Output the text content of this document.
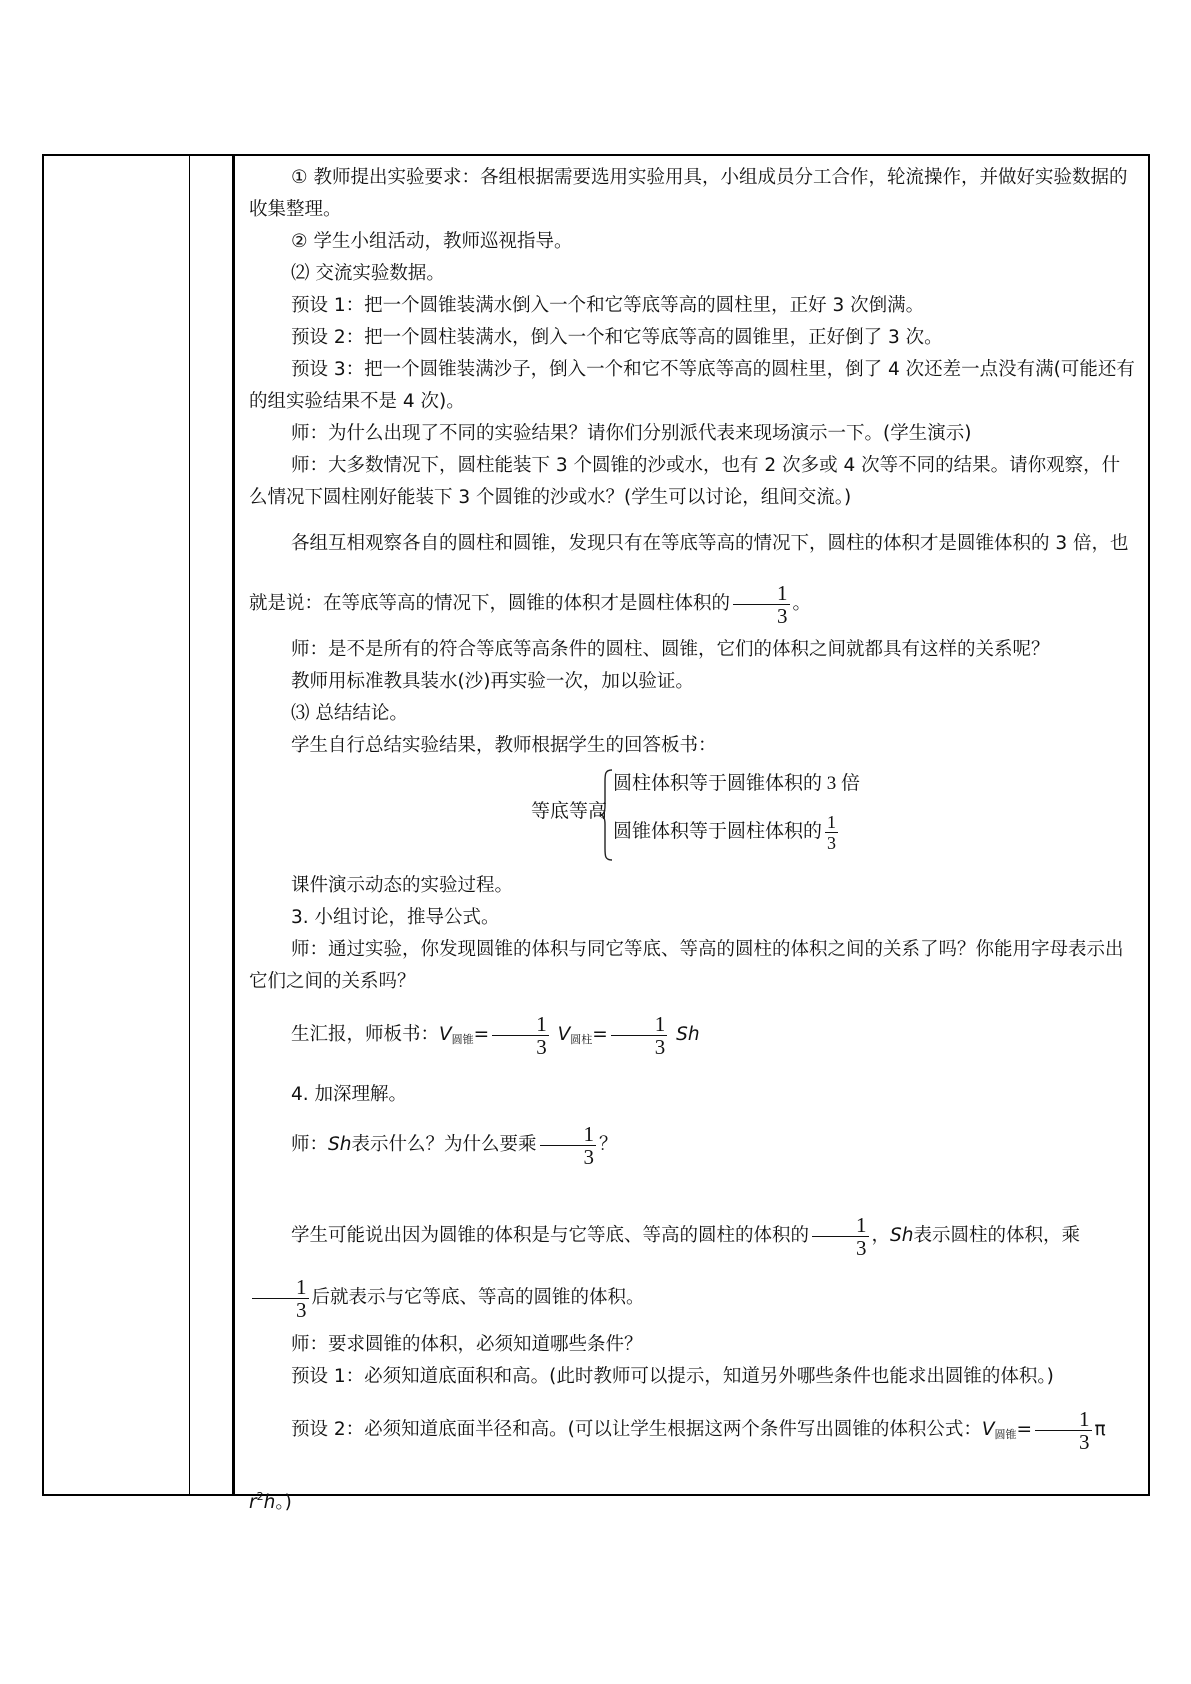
① 教师提出实验要求：各组根据需要选用实验用具，小组成员分工合作，轮流操作，并做好实验数据的收集整理。

② 学生小组活动，教师巡视指导。

⑵ 交流实验数据。

预设 1：把一个圆锥装满水倒入一个和它等底等高的圆柱里，正好 3 次倒满。

预设 2：把一个圆柱装满水，倒入一个和它等底等高的圆锥里，正好倒了 3 次。

预设 3：把一个圆锥装满沙子，倒入一个和它不等底等高的圆柱里，倒了 4 次还差一点没有满(可能还有的组实验结果不是 4 次)。

师：为什么出现了不同的实验结果？请你们分别派代表来现场演示一下。(学生演示)

师：大多数情况下，圆柱能装下 3 个圆锥的沙或水，也有 2 次多或 4 次等不同的结果。请你观察，什么情况下圆柱刚好能装下 3 个圆锥的沙或水？(学生可以讨论，组间交流。)

各组互相观察各自的圆柱和圆锥，发现只有在等底等高的情况下，圆柱的体积才是圆锥体积的 3 倍，也就是说：在等底等高的情况下，圆锥的体积才是圆柱体积的 $\frac{1}{3}$ 。

师：是不是所有的符合等底等高条件的圆柱、圆锥，它们的体积之间就都具有这样的关系呢？

教师用标准教具装水(沙)再实验一次，加以验证。

⑶ 总结结论。

学生自行总结实验结果，教师根据学生的回答板书：

等底等高
圆柱体积等于圆锥体积的 3 倍
圆锥体积等于圆柱体积的 $\frac{1}{3}$

课件演示动态的实验过程。

3. 小组讨论，推导公式。

师：通过实验，你发现圆锥的体积与同它等底、等高的圆柱的体积之间的关系了吗？你能用字母表示出它们之间的关系吗？

生汇报，师板书：$V_{圆锥}= \frac{1}{3} V_{圆柱}= \frac{1}{3}$ Sh

4. 加深理解。

师：Sh表示什么？为什么要乘 $\frac{1}{3}$ ？

学生可能说出因为圆锥的体积是与它等底、等高的圆柱的体积的 $\frac{1}{3}$ ，Sh表示圆柱的体积，乘
$\frac{1}{3}$ 后就表示与它等底、等高的圆锥的体积。

师：要求圆锥的体积，必须知道哪些条件？

预设 1：必须知道底面积和高。(此时教师可以提示，知道另外哪些条件也能求出圆锥的体积。)

预设 2：必须知道底面半径和高。(可以让学生根据这两个条件写出圆锥的体积公式：$V_{圆锥}= \frac{1}{3}$ π $r^2h$。)
